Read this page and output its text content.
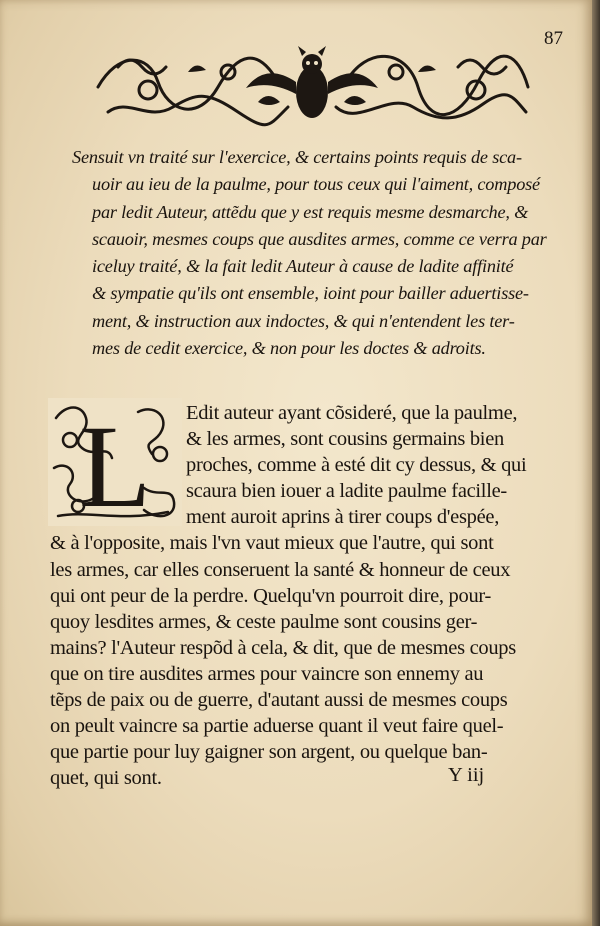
87
Sensuit vn traité sur l'exercice, & certains points requis de sca-
uoir au ieu de la paulme, pour tous ceux qui l'aiment, composé
par ledit Auteur, attẽdu que y est requis mesme desmarche, &
scauoir, mesmes coups que ausdites armes, comme ce verra par
iceluy traité, & la fait ledit Auteur à cause de ladite affinité
& sympatie qu'ils ont ensemble, ioint pour bailler aduertisse-
ment, & instruction aux indoctes, & qui n'entendent les ter-
mes de cedit exercice, & non pour les doctes & adroits.
L Edit auteur ayant cõsideré, que la paulme,
& les armes, sont cousins germains bien
proches, comme à esté dit cy dessus, & qui
scaura bien iouer a ladite paulme facille-
ment auroit aprins à tirer coups d'espée,
& à l'opposite, mais l'vn vaut mieux que l'autre, qui sont
les armes, car elles conseruent la santé & honneur de ceux
qui ont peur de la perdre. Quelqu'vn pourroit dire, pour-
quoy lesdites armes, & ceste paulme sont cousins ger-
mains? l'Auteur respõd à cela, & dit, que de mesmes coups
que on tire ausdites armes pour vaincre son ennemy au
tẽps de paix ou de guerre, d'autant aussi de mesmes coups
on peult vaincre sa partie aduerse quant il veut faire quel-
que partie pour luy gaigner son argent, ou quelque ban-
quet, qui sont.	Y iij
